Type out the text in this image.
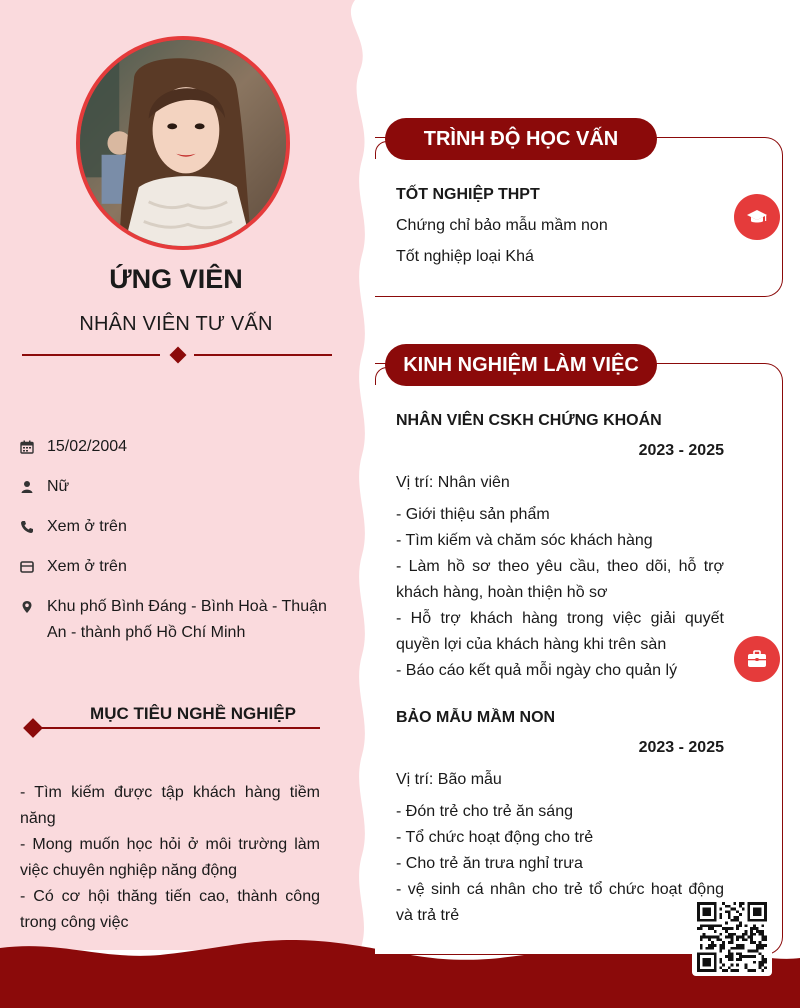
ỨNG VIÊN
NHÂN VIÊN TƯ VẤN
15/02/2004
Nữ
Xem ở trên
Xem ở trên
Khu phố Bình Đáng - Bình Hoà - Thuận An - thành phố Hồ Chí Minh
MỤC TIÊU NGHỀ NGHIỆP

- Tìm kiếm được tập khách hàng tiềm năng

- Mong muốn học hỏi ở môi trường làm việc chuyên nghiệp năng động

- Có cơ hội thăng tiến cao, thành công trong công việc

TRÌNH ĐỘ HỌC VẤN
TỐT NGHIỆP THPT
Chứng chỉ bảo mẫu mầm non
Tốt nghiệp loại Khá
KINH NGHIỆM LÀM VIỆC
NHÂN VIÊN CSKH CHỨNG KHOÁN
2023 - 2025
Vị trí: Nhân viên
- Giới thiệu sản phẩm
- Tìm kiếm và chăm sóc khách hàng
- Làm hồ sơ theo yêu cầu, theo dõi, hỗ trợ khách hàng, hoàn thiện hồ sơ
- Hỗ trợ khách hàng trong việc giải quyết quyền lợi của khách hàng khi trên sàn
- Báo cáo kết quả mỗi ngày cho quản lý
BẢO MẪU MẦM NON
2023 - 2025
Vị trí: Bão mẫu
- Đón trẻ cho trẻ ăn sáng
- Tổ chức hoạt động cho trẻ
- Cho trẻ ăn trưa nghỉ trưa
- vệ sinh cá nhân cho trẻ tổ chức hoạt động và trả trẻ
